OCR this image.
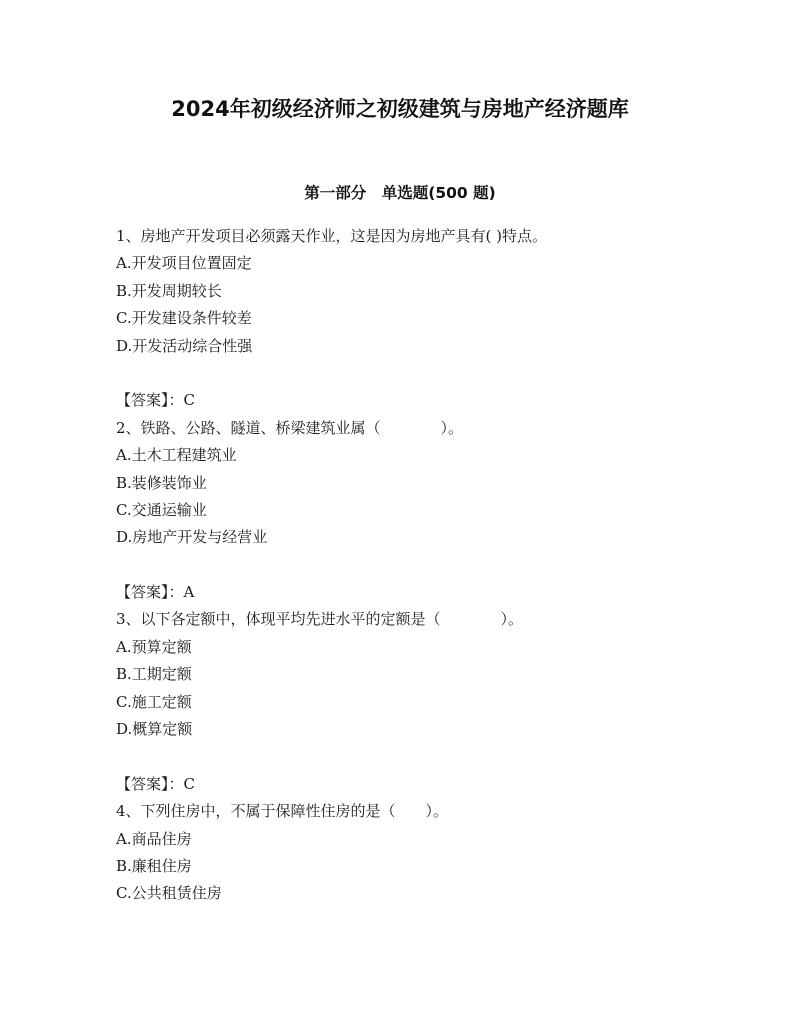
2024年初级经济师之初级建筑与房地产经济题库
第一部分　单选题(500 题)
1、房地产开发项目必须露天作业，这是因为房地产具有( )特点。
A.开发项目位置固定
B.开发周期较长
C.开发建设条件较差
D.开发活动综合性强
【答案】：C
2、铁路、公路、隧道、桥梁建筑业属（　　　　）。
A.土木工程建筑业
B.装修装饰业
C.交通运输业
D.房地产开发与经营业
【答案】：A
3、以下各定额中，体现平均先进水平的定额是（　　　　）。
A.预算定额
B.工期定额
C.施工定额
D.概算定额
【答案】：C
4、下列住房中，不属于保障性住房的是（　　）。
A.商品住房
B.廉租住房
C.公共租赁住房
